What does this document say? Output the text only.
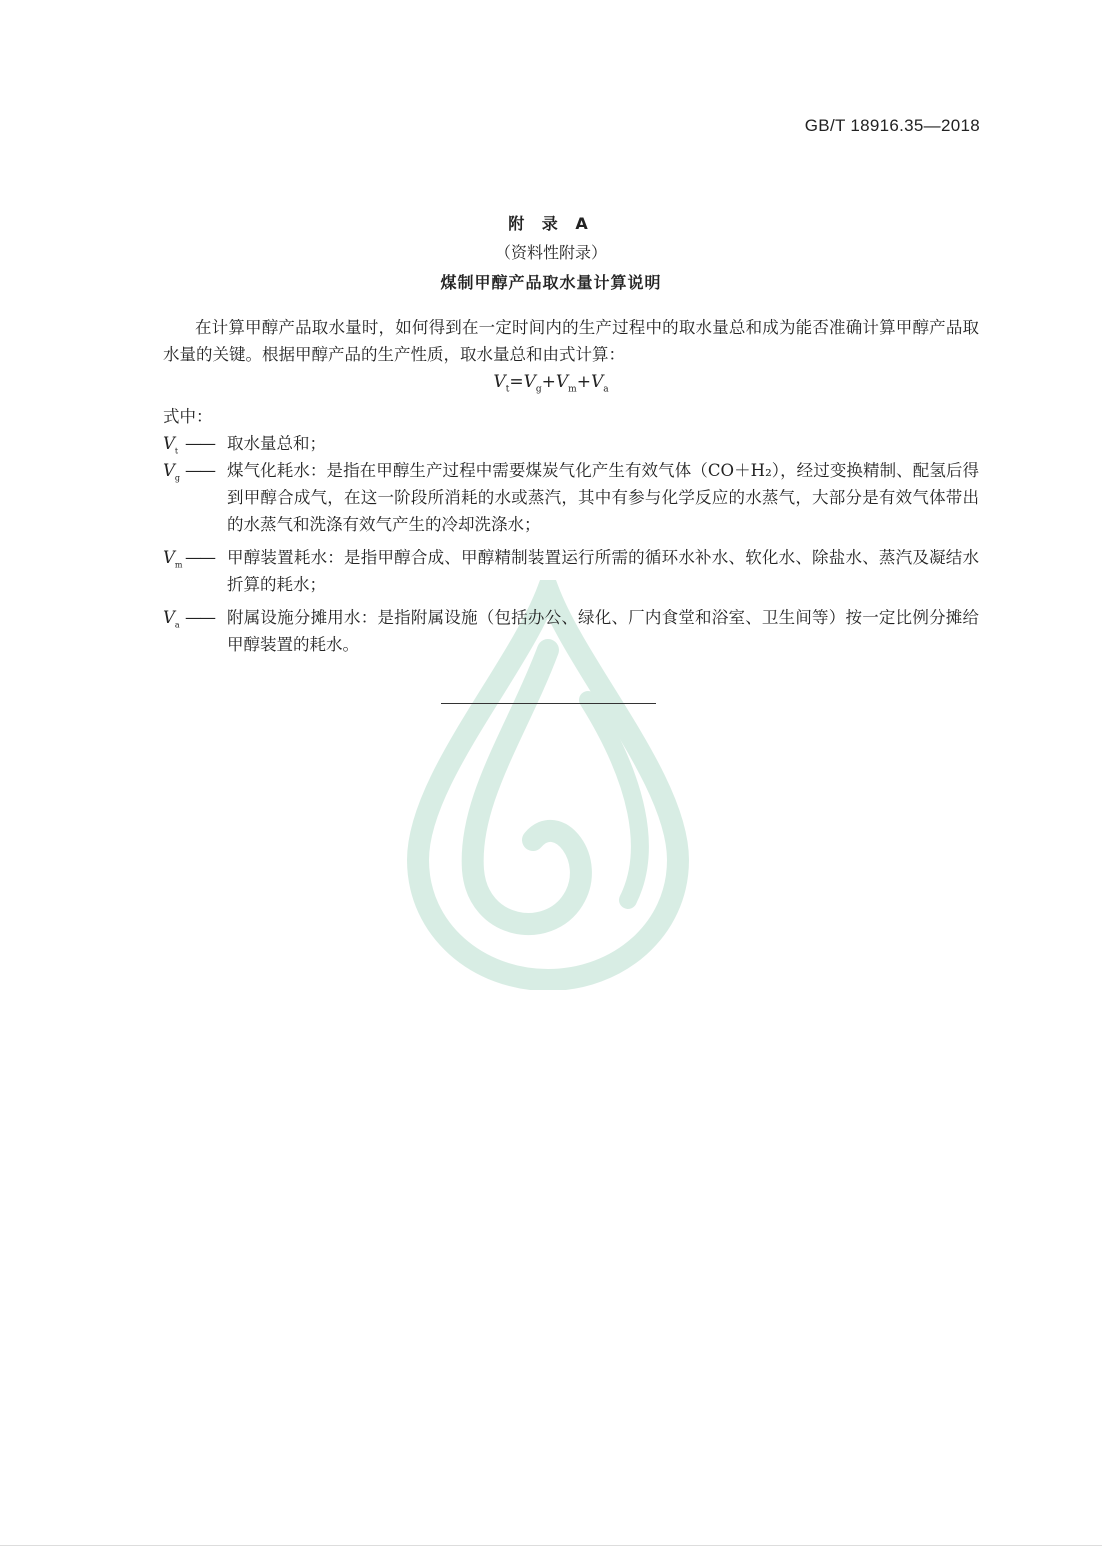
GB/T 18916.35—2018
附 录 A
（资料性附录）
煤制甲醇产品取水量计算说明
在计算甲醇产品取水量时，如何得到在一定时间内的生产过程中的取水量总和成为能否准确计算甲醇产品取水量的关键。根据甲醇产品的生产性质，取水量总和由式计算：
$V_t=V_g+V_m+V_a$
式中：
$V_t$ —— 取水量总和；
$V_g$ —— 煤气化耗水：是指在甲醇生产过程中需要煤炭气化产生有效气体（CO＋H₂），经过变换精制、配氢后得到甲醇合成气，在这一阶段所消耗的水或蒸汽，其中有参与化学反应的水蒸气，大部分是有效气体带出的水蒸气和洗涤有效气产生的冷却洗涤水；
$V_m$ —— 甲醇装置耗水：是指甲醇合成、甲醇精制装置运行所需的循环水补水、软化水、除盐水、蒸汽及凝结水折算的耗水；
$V_a$ —— 附属设施分摊用水：是指附属设施（包括办公、绿化、厂内食堂和浴室、卫生间等）按一定比例分摊给甲醇装置的耗水。
